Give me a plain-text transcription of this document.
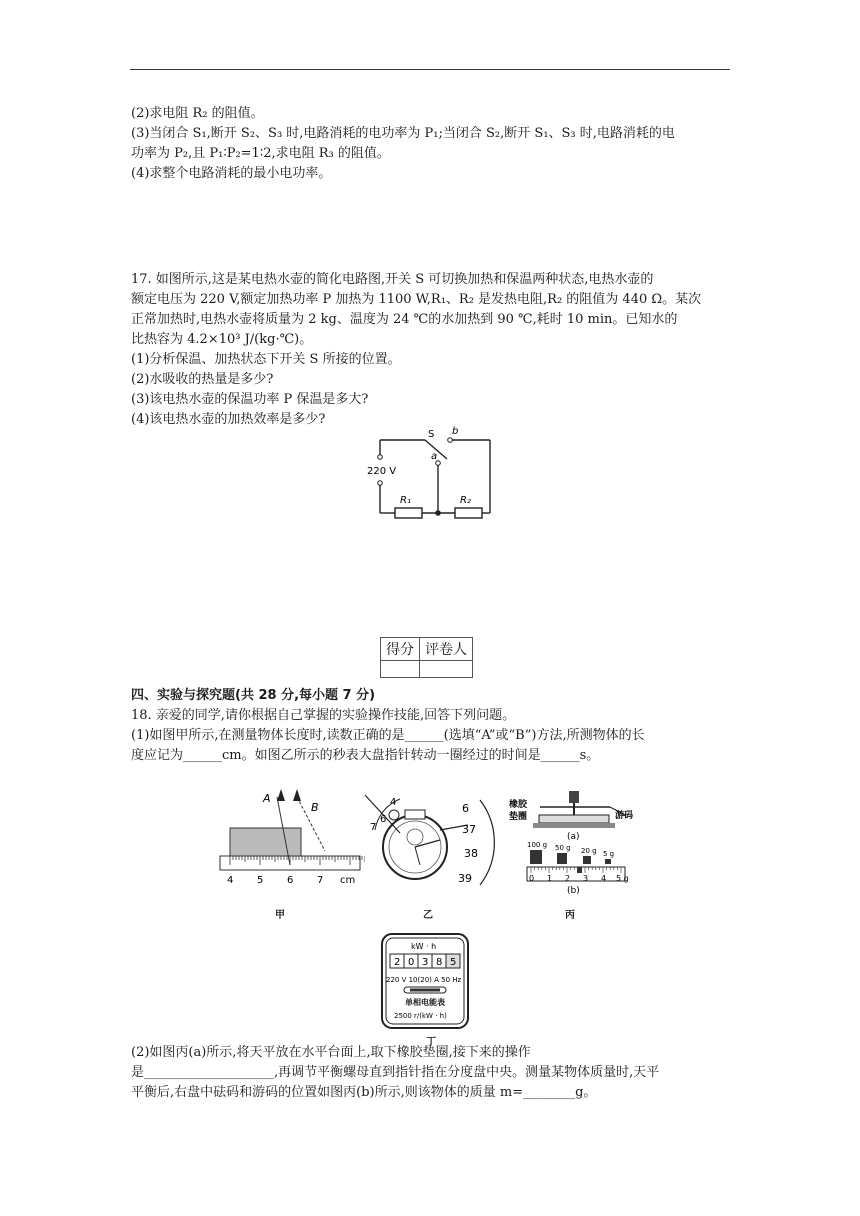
(2)求电阻 R₂ 的阻值。

(3)当闭合 S₁,断开 S₂、S₃ 时,电路消耗的电功率为 P₁;当闭合 S₂,断开 S₁、S₃ 时,电路消耗的电

功率为 P₂,且 P₁∶P₂=1∶2,求电阻 R₃ 的阻值。

(4)求整个电路消耗的最小电功率。

17. 如图所示,这是某电热水壶的简化电路图,开关 S 可切换加热和保温两种状态,电热水壶的

额定电压为 220 V,额定加热功率 P 加热为 1100 W,R₁、R₂ 是发热电阻,R₂ 的阻值为 440 Ω。某次

正常加热时,电热水壶将质量为 2 kg、温度为 24 ℃的水加热到 90 ℃,耗时 10 min。已知水的

比热容为 4.2×10³ J/(kg·℃)。

(1)分析保温、加热状态下开关 S 所接的位置。

(2)水吸收的热量是多少?

(3)该电热水壶的保温功率 P 保温是多大?

(4)该电热水壶的加热效率是多少?

S b
a
220 V
R₁	R₂
得分	评卷人

四、实验与探究题(共 28 分,每小题 7 分)

18. 亲爱的同学,请你根据自己掌握的实验操作技能,回答下列问题。

(1)如图甲所示,在测量物体长度时,读数正确的是______(选填“A”或“B”)方法,所测物体的长

度应记为______cm。如图乙所示的秒表大盘指针转动一圈经过的时间是______s。

A
B
4 5 6 7 cm
甲
6
37
38
39
4
7
6
乙
橡胶
垫圈	游码
(a)
100 g 50 g 20 g 5 g
0 1 2 3 4 5 g
(b)
丙
kW · h
2 0 3 8 5
220 V 10(20) A 50 Hz
单相电能表
2500 r/(kW · h)
丁

(2)如图丙(a)所示,将天平放在水平台面上,取下橡胶垫圈,接下来的操作

是____________________,再调节平衡螺母直到指针指在分度盘中央。测量某物体质量时,天平

平衡后,右盘中砝码和游码的位置如图丙(b)所示,则该物体的质量 m=________g。
